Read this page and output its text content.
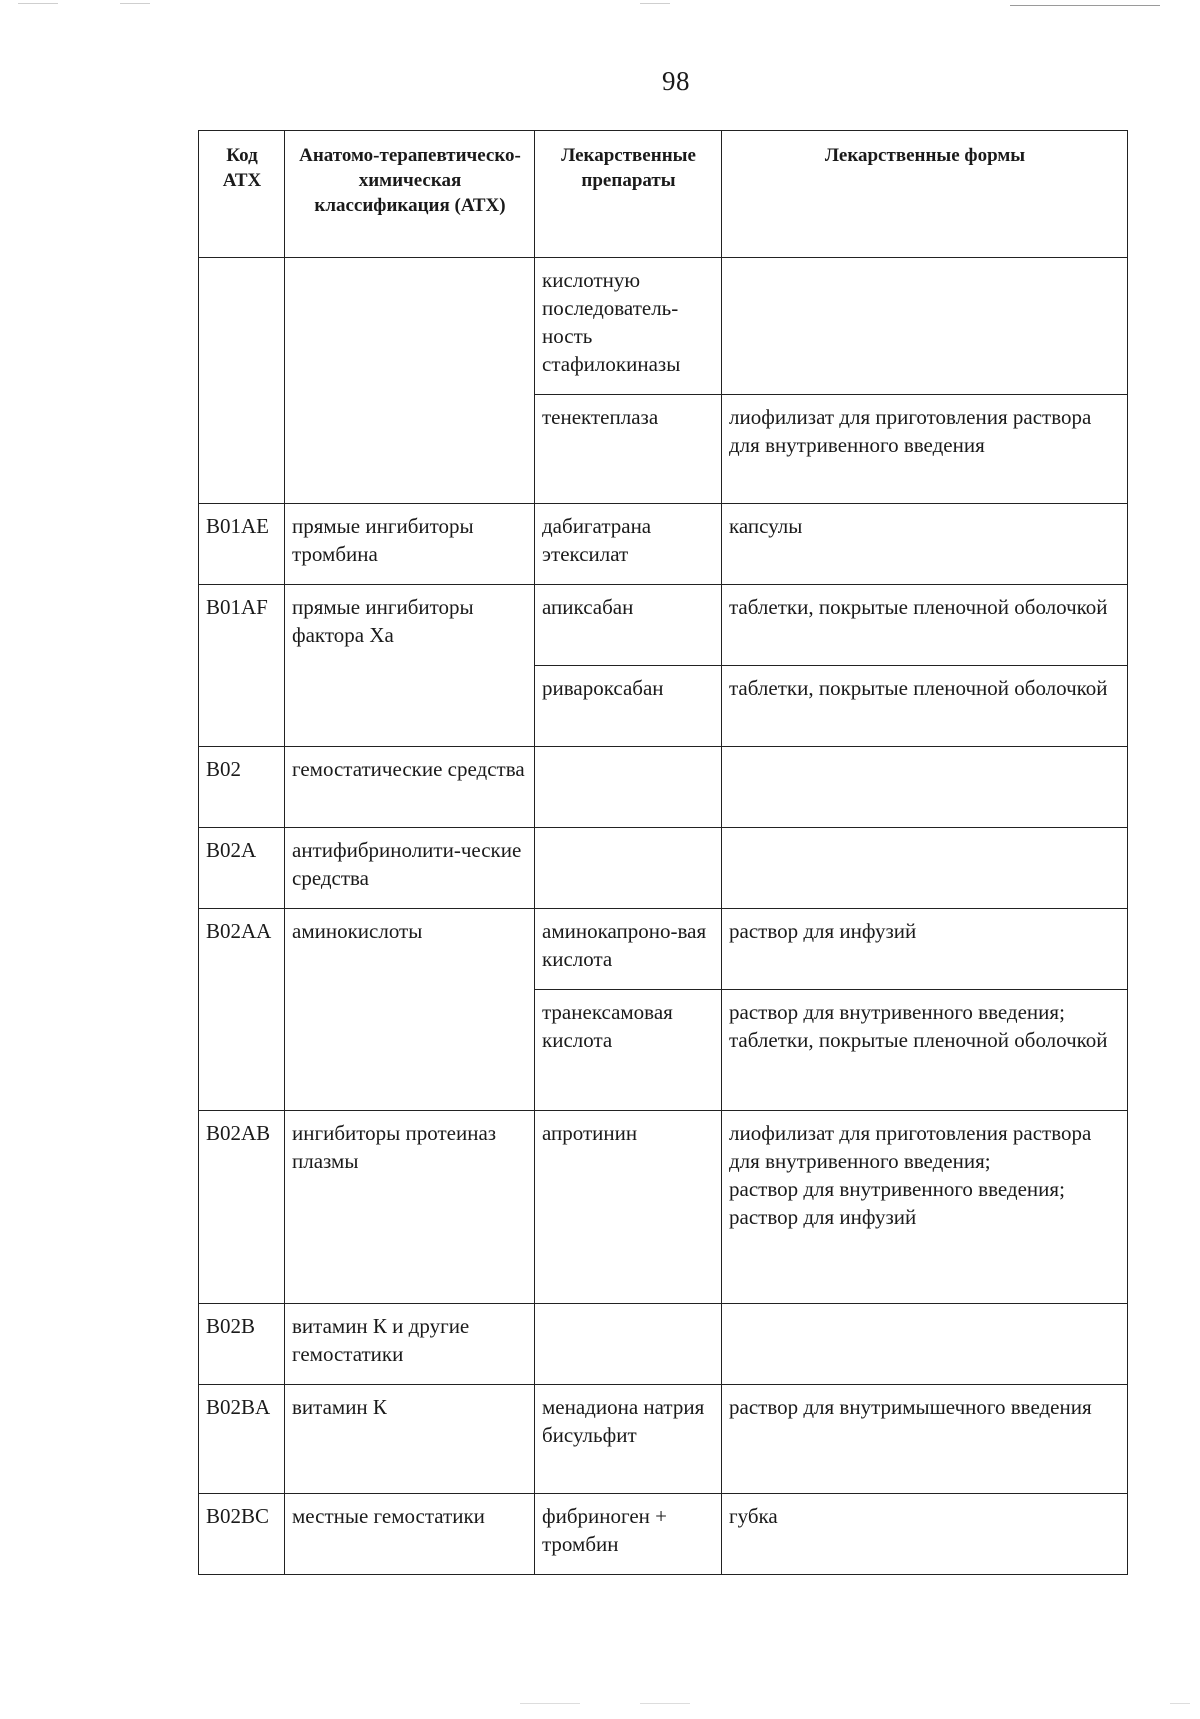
98
Код АТХ	Анатомо-терапевтическо-химическая классификация (АТХ)	Лекарственные препараты	Лекарственные формы
		кислотную последователь-ность стафилокиназы	
		тенектеплаза	лиофилизат для приготовления раствора для внутривенного введения
B01AE	прямые ингибиторы тромбина	дабигатрана этексилат	капсулы
B01AF	прямые ингибиторы фактора Ха	апиксабан	таблетки, покрытые пленочной оболочкой
		ривароксабан	таблетки, покрытые пленочной оболочкой
B02	гемостатические средства		
B02A	антифибринолити-ческие средства		
B02AA	аминокислоты	аминокапроно-вая кислота	раствор для инфузий
		транексамовая кислота	раствор для внутривенного введения;
таблетки, покрытые пленочной оболочкой

B02AB	ингибиторы протеиназ плазмы	апротинин	лиофилизат для приготовления раствора для внутривенного введения;
раствор для внутривенного введения;
раствор для инфузий

B02B	витамин К и другие гемостатики		
B02BA	витамин К	менадиона натрия бисульфит	раствор для внутримышечного введения
B02BC	местные гемостатики	фибриноген + тромбин	губка
